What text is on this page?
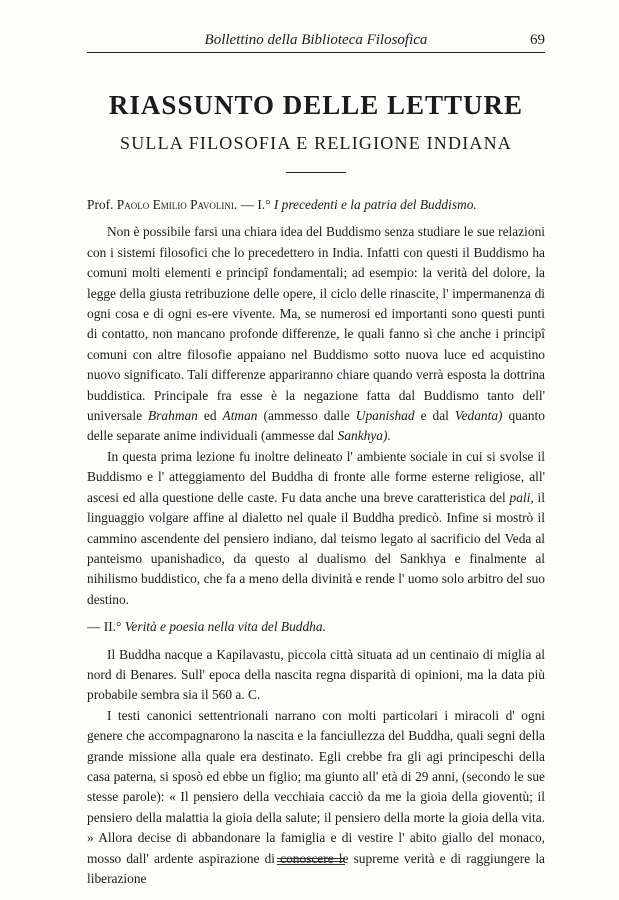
Bollettino della Biblioteca Filosofica	69
RIASSUNTO DELLE LETTURE
SULLA FILOSOFIA E RELIGIONE INDIANA

Prof. Paolo Emilio Pavolini. — I.° I precedenti e la patria del Buddismo.

Non è possibile farsi una chiara idea del Buddismo senza studiare le sue relazioni con i sistemi filosofici che lo precedettero in India. Infatti con questi il Buddismo ha comuni molti elementi e principî fondamentali; ad esempio: la verità del dolore, la legge della giusta retribuzione delle opere, il ciclo delle rinascite, l' impermanenza di ogni cosa e di ogni es-ere vivente. Ma, se numerosi ed importanti sono questi punti di contatto, non mancano profonde differenze, le quali fanno sì che anche i principî comuni con altre filosofie appaiano nel Buddismo sotto nuova luce ed acquistino nuovo significato. Tali differenze appariranno chiare quando verrà esposta la dottrina buddistica. Principale fra esse è la negazione fatta dal Buddismo tanto dell' universale Brahman ed Atman (ammesso dalle Upanishad e dal Vedanta) quanto delle separate anime individuali (ammesse dal Sankhya).

In questa prima lezione fu inoltre delineato l' ambiente sociale in cui si svolse il Buddismo e l' atteggiamento del Buddha di fronte alle forme esterne religiose, all' ascesi ed alla questione delle caste. Fu data anche una breve caratteristica del pali, il linguaggio volgare affine al dialetto nel quale il Buddha predicò. Infine si mostrò il cammino ascendente del pensiero indiano, dal teismo legato al sacrificio del Veda al panteismo upanishadico, da questo al dualismo del Sankhya e finalmente al nihilismo buddistico, che fa a meno della divinità e rende l' uomo solo arbitro del suo destino.

— II.° Verità e poesia nella vita del Buddha.

Il Buddha nacque a Kapilavastu, piccola città situata ad un centinaio di miglia al nord di Benares. Sull' epoca della nascita regna disparità di opinioni, ma la data più probabile sembra sia il 560 a. C.

I testi canonici settentrionali narrano con molti particolari i miracoli d' ogni genere che accompagnarono la nascita e la fanciullezza del Buddha, quali segni della grande missione alla quale era destinato. Egli crebbe fra gli agi principeschi della casa paterna, si sposò ed ebbe un figlio; ma giunto all' età di 29 anni, (secondo le sue stesse parole): « Il pensiero della vecchiaia cacciò da me la gioia della gioventù; il pensiero della malattia la gioia della salute; il pensiero della morte la gioia della vita. » Allora decise di abbandonare la famiglia e di vestire l' abito giallo del monaco, mosso dall' ardente aspirazione di conoscere le supreme verità e di raggiungere la liberazione
